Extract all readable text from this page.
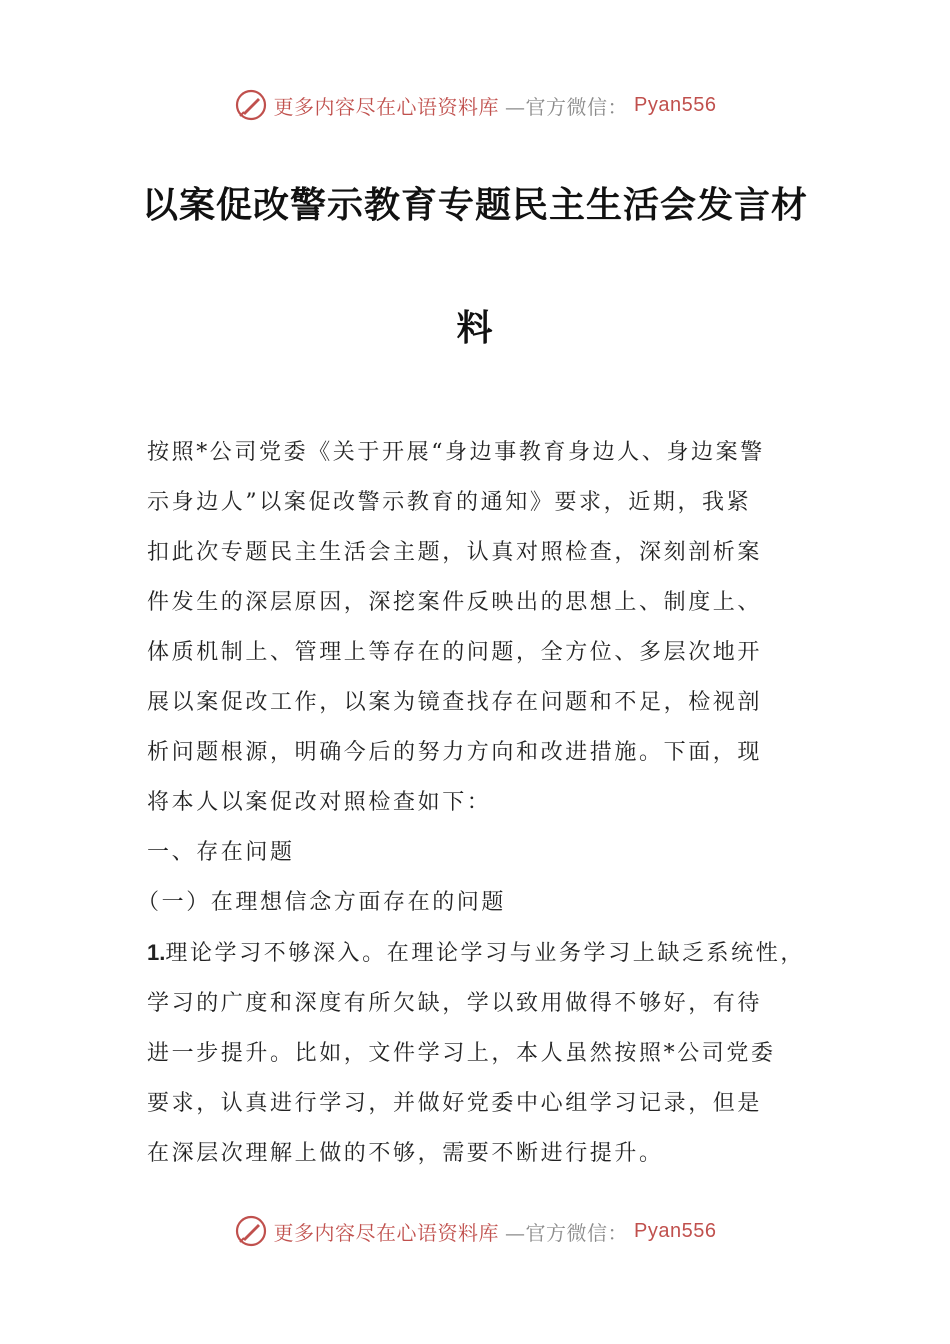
更多内容尽在心语资料库 —官方微信： Pyan556
以案促改警示教育专题民主生活会发言材
料

按照*公司党委《关于开展“身边事教育身边人、身边案警

示身边人”以案促改警示教育的通知》要求，近期，我紧

扣此次专题民主生活会主题，认真对照检查，深刻剖析案

件发生的深层原因，深挖案件反映出的思想上、制度上、

体质机制上、管理上等存在的问题，全方位、多层次地开

展以案促改工作，以案为镜查找存在问题和不足，检视剖

析问题根源，明确今后的努力方向和改进措施。下面，现

将本人以案促改对照检查如下：

一、存在问题

（一）在理想信念方面存在的问题

1.理论学习不够深入。在理论学习与业务学习上缺乏系统性，

学习的广度和深度有所欠缺，学以致用做得不够好，有待

进一步提升。比如，文件学习上，本人虽然按照*公司党委

要求，认真进行学习，并做好党委中心组学习记录，但是

在深层次理解上做的不够，需要不断进行提升。

更多内容尽在心语资料库 —官方微信： Pyan556
